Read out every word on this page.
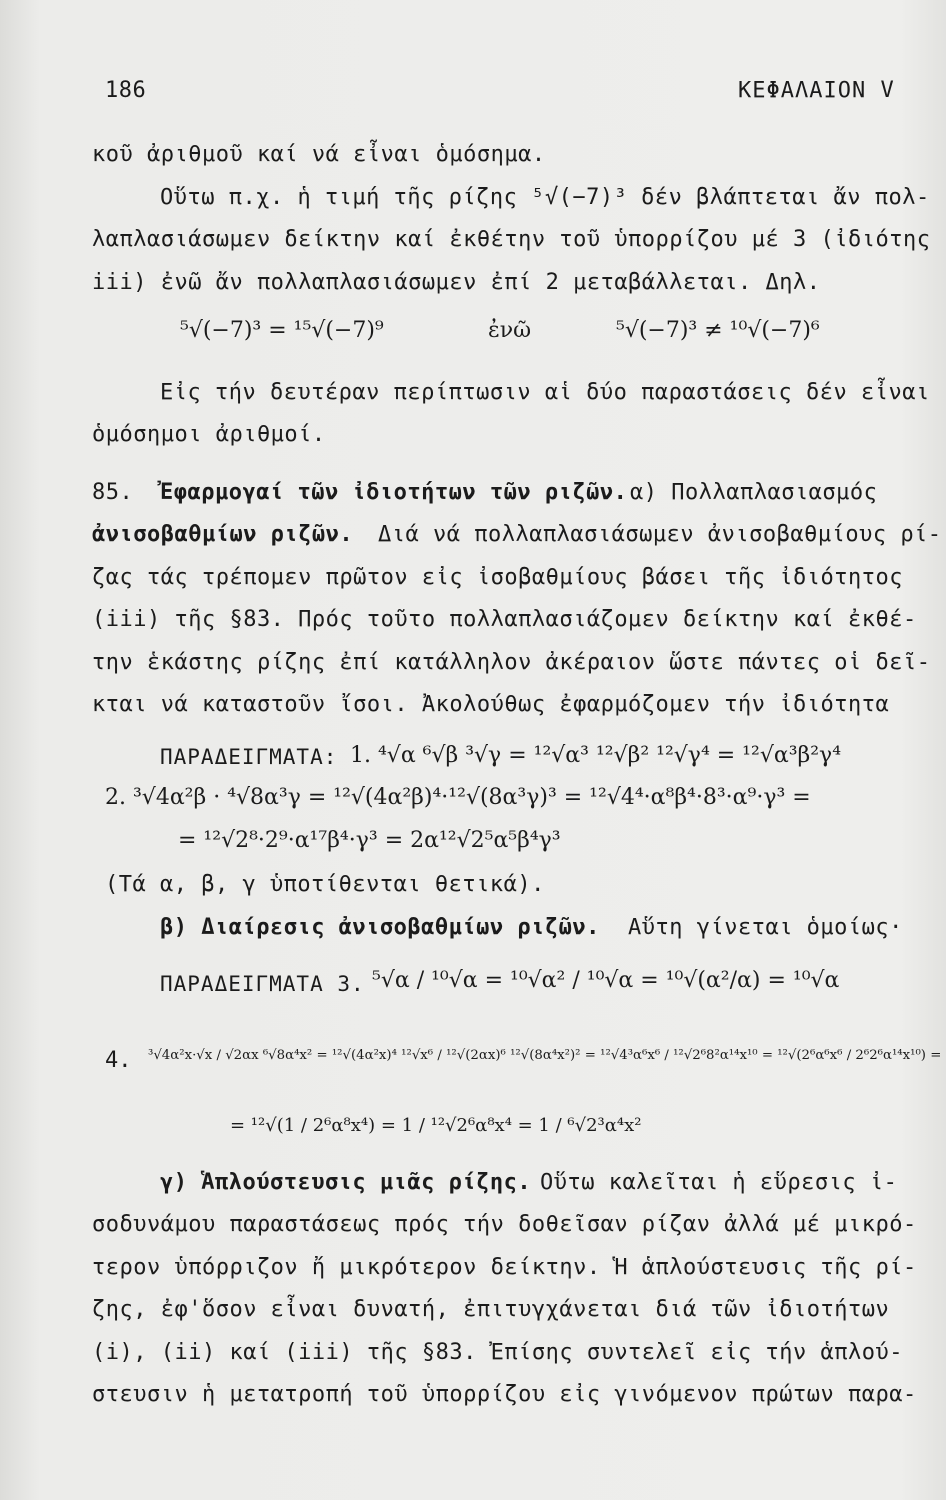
186	ΚΕΦΑΛΑΙΟΝ V
κοῦ ἀριθμοῦ καί νά εἶναι ὁμόσημα.
Οὕτω π.χ. ἡ τιμή τῆς ρίζης ⁵√(−7)³ δέν βλάπτεται ἄν πολ-
λαπλασιάσωμεν δείκτην καί ἐκθέτην τοῦ ὑπορρίζου μέ 3 (ἰδιότης
iii) ἐνῶ ἄν πολλαπλασιάσωμεν ἐπί 2 μεταβάλλεται. Δηλ.
⁵√(−7)³ = ¹⁵√(−7)⁹	ἐνῶ	⁵√(−7)³ ≠ ¹⁰√(−7)⁶
Εἰς τήν δευτέραν περίπτωσιν αἱ δύο παραστάσεις δέν εἶναι
ὁμόσημοι ἀριθμοί.
85. Ἐφαρμογαί τῶν ἰδιοτήτων τῶν ριζῶν. α) Πολλαπλασιασμός
ἀνισοβαθμίων ριζῶν. Διά νά πολλαπλασιάσωμεν ἀνισοβαθμίους ρί-
ζας τάς τρέπομεν πρῶτον εἰς ἰσοβαθμίους βάσει τῆς ἰδιότητος
(iii) τῆς §83. Πρός τοῦτο πολλαπλασιάζομεν δείκτην καί ἐκθέ-
την ἑκάστης ρίζης ἐπί κατάλληλον ἀκέραιον ὥστε πάντες οἱ δεῖ-
κται νά καταστοῦν ἴσοι. Ἀκολούθως ἐφαρμόζομεν τήν ἰδιότητα
ΠΑΡΑΔΕΙΓΜΑΤΑ: 1. ⁴√α ⁶√β ³√γ = ¹²√α³ ¹²√β² ¹²√γ⁴ = ¹²√α³β²γ⁴
2. ³√4α²β · ⁴√8α³γ = ¹²√(4α²β)⁴·¹²√(8α³γ)³ = ¹²√4⁴·α⁸β⁴·8³·α⁹·γ³ =
= ¹²√2⁸·2⁹·α¹⁷β⁴·γ³ = 2α¹²√2⁵α⁵β⁴γ³
(Τά α, β, γ ὑποτίθενται θετικά).
β) Διαίρεσις ἀνισοβαθμίων ριζῶν. Αὕτη γίνεται ὁμοίως·
ΠΑΡΑΔΕΙΓΜΑΤΑ 3. ⁵√α / ¹⁰√α = ¹⁰√α² / ¹⁰√α = ¹⁰√(α²/α) = ¹⁰√α
4. ³√4α²x·√x / √2αx ⁶√8α⁴x² = ¹²√(4α²x)⁴ ¹²√x⁶ / ¹²√(2αx)⁶ ¹²√(8α⁴x²)² = ¹²√4³α⁶x⁶ / ¹²√2⁶8²α¹⁴x¹⁰ = ¹²√(2⁶α⁶x⁶ / 2⁶2⁶α¹⁴x¹⁰) =
= ¹²√(1 / 2⁶α⁸x⁴) = 1 / ¹²√2⁶α⁸x⁴ = 1 / ⁶√2³α⁴x²
γ) Ἁπλούστευσις μιᾶς ρίζης. Οὕτω καλεῖται ἡ εὕρεσις ἰ-
σοδυνάμου παραστάσεως πρός τήν δοθεῖσαν ρίζαν ἀλλά μέ μικρό-
τερον ὑπόρριζον ἤ μικρότερον δείκτην. Ἡ ἁπλούστευσις τῆς ρί-
ζης, ἐφ'ὅσον εἶναι δυνατή, ἐπιτυγχάνεται διά τῶν ἰδιοτήτων
(i), (ii) καί (iii) τῆς §83. Ἐπίσης συντελεῖ εἰς τήν ἁπλού-
στευσιν ἡ μετατροπή τοῦ ὑπορρίζου εἰς γινόμενον πρώτων παρα-
